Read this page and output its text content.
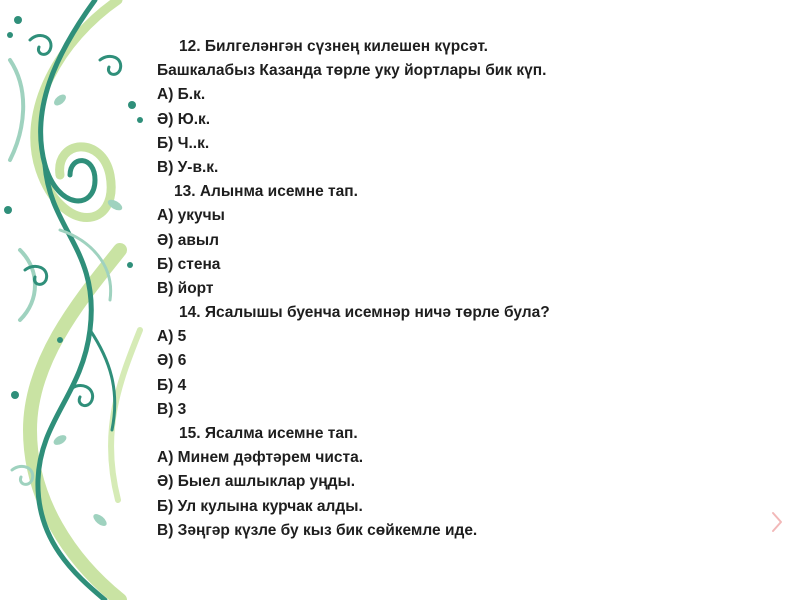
12. Билгеләнгән сүзнең килешен күрсәт.
Башкалабыз Казанда төрле уку йортлары бик күп.
А) Б.к.
Ә) Ю.к.
Б) Ч..к.
В) У-в.к.
13. Алынма исемне тап.
А) укучы
Ә) авыл
Б) стена
В) йорт
14. Ясалышы буенча исемнәр ничә төрле була?
А) 5
Ә) 6
Б) 4
В) 3
15. Ясалма исемне тап.
А) Минем дәфтәрем чиста.
Ә) Быел ашлыклар уңды.
Б) Ул кулына курчак алды.
В) Зәңгәр күзле бу кыз бик сөйкемле иде.
